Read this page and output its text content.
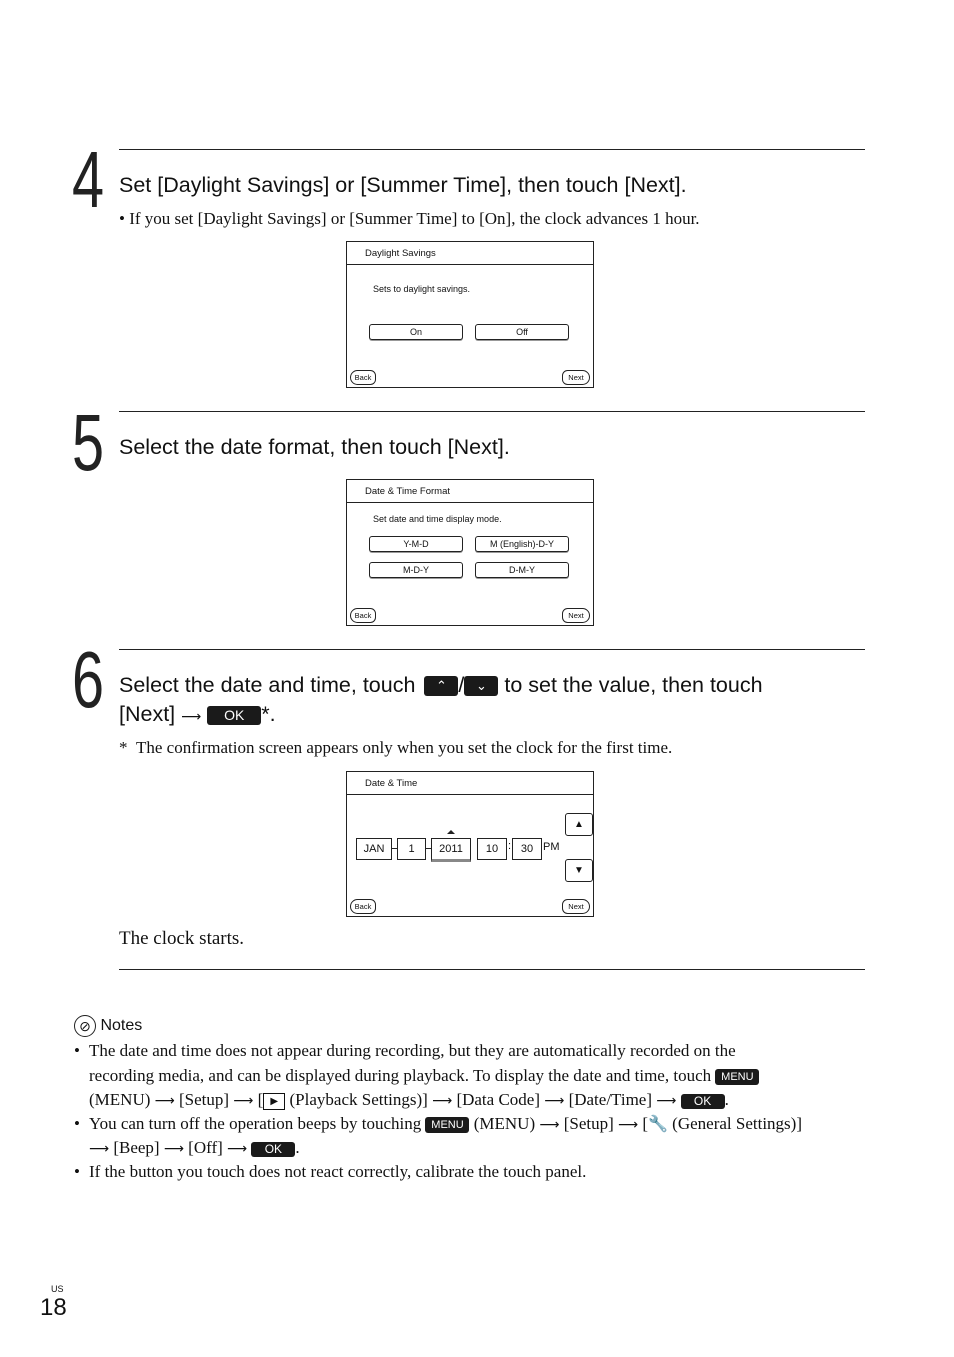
4 Set [Daylight Savings] or [Summer Time], then touch [Next].
• If you set [Daylight Savings] or [Summer Time] to [On], the clock advances 1 hour.
Daylight Savings
Sets to daylight savings.
On	Off
Back	Next
5 Select the date format, then touch [Next].
Date & Time Format
Set date and time display mode.
Y-M-D	M (English)-D-Y
M-D-Y	D-M-Y
Back	Next
6 Select the date and time, touch ⌃ / ⌄ to set the value, then touch
[Next] ⟶ OK *.
* The confirmation screen appears only when you set the clock for the first time.
Date & Time
JAN	1	2011	10 : 30 PM
▲
▼
Back	Next
The clock starts.
⊘ Notes
• The date and time does not appear during recording, but they are automatically recorded on the
recording media, and can be displayed during playback. To display the date and time, touch MENU
(MENU) ⟶ [Setup] ⟶ [ ▶ (Playback Settings)] ⟶ [Data Code] ⟶ [Date/Time] ⟶ OK .
• You can turn off the operation beeps by touching MENU (MENU) ⟶ [Setup] ⟶ [🔧 (General Settings)]
⟶ [Beep] ⟶ [Off] ⟶ OK .
• If the button you touch does not react correctly, calibrate the touch panel.
US
18
